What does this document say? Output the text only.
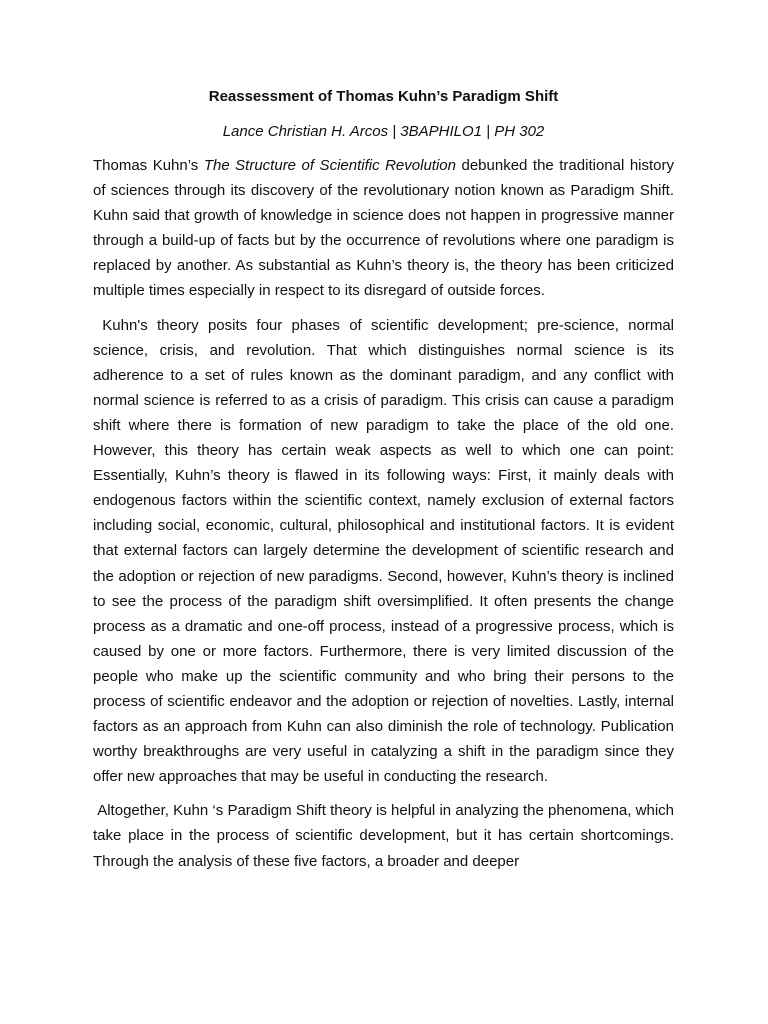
Reassessment of Thomas Kuhn’s Paradigm Shift
Lance Christian H. Arcos | 3BAPHILO1 | PH 302

Thomas Kuhn’s The Structure of Scientific Revolution debunked the traditional history of sciences through its discovery of the revolutionary notion known as Paradigm Shift. Kuhn said that growth of knowledge in science does not happen in progressive manner through a build-up of facts but by the occurrence of revolutions where one paradigm is replaced by another. As substantial as Kuhn’s theory is, the theory has been criticized multiple times especially in respect to its disregard of outside forces.

Kuhn's theory posits four phases of scientific development; pre-science, normal science, crisis, and revolution. That which distinguishes normal science is its adherence to a set of rules known as the dominant paradigm, and any conflict with normal science is referred to as a crisis of paradigm. This crisis can cause a paradigm shift where there is formation of new paradigm to take the place of the old one. However, this theory has certain weak aspects as well to which one can point: Essentially, Kuhn’s theory is flawed in its following ways: First, it mainly deals with endogenous factors within the scientific context, namely exclusion of external factors including social, economic, cultural, philosophical and institutional factors. It is evident that external factors can largely determine the development of scientific research and the adoption or rejection of new paradigms. Second, however, Kuhn’s theory is inclined to see the process of the paradigm shift oversimplified. It often presents the change process as a dramatic and one-off process, instead of a progressive process, which is caused by one or more factors. Furthermore, there is very limited discussion of the people who make up the scientific community and who bring their persons to the process of scientific endeavor and the adoption or rejection of novelties. Lastly, internal factors as an approach from Kuhn can also diminish the role of technology. Publication worthy breakthroughs are very useful in catalyzing a shift in the paradigm since they offer new approaches that may be useful in conducting the research.

Altogether, Kuhn ‘s Paradigm Shift theory is helpful in analyzing the phenomena, which take place in the process of scientific development, but it has certain shortcomings. Through the analysis of these five factors, a broader and deeper
